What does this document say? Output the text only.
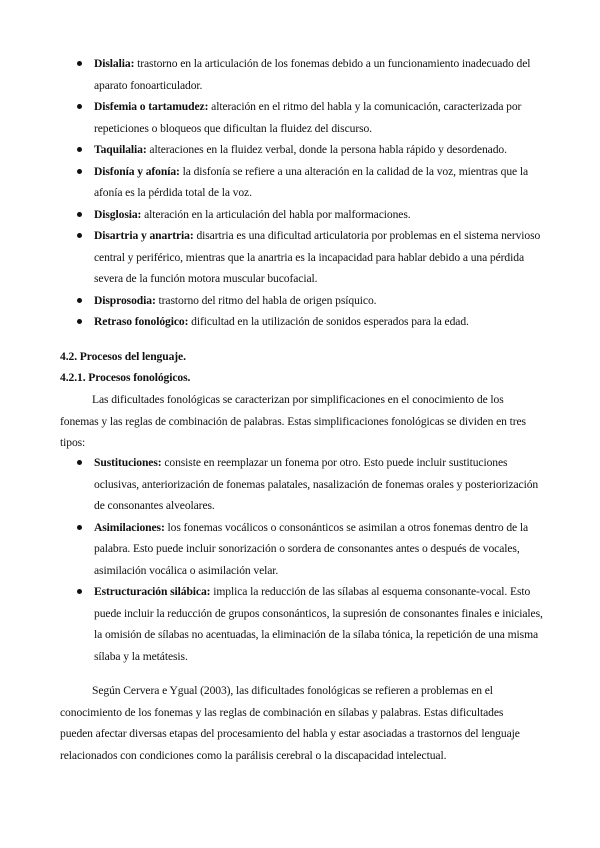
Dislalia: trastorno en la articulación de los fonemas debido a un funcionamiento inadecuado del aparato fonoarticulador.
Disfemia o tartamudez: alteración en el ritmo del habla y la comunicación, caracterizada por repeticiones o bloqueos que dificultan la fluidez del discurso.
Taquilalia: alteraciones en la fluidez verbal, donde la persona habla rápido y desordenado.
Disfonía y afonía: la disfonía se refiere a una alteración en la calidad de la voz, mientras que la afonía es la pérdida total de la voz.
Disglosia: alteración en la articulación del habla por malformaciones.
Disartria y anartria: disartria es una dificultad articulatoria por problemas en el sistema nervioso central y periférico, mientras que la anartria es la incapacidad para hablar debido a una pérdida severa de la función motora muscular bucofacial.
Disprosodia: trastorno del ritmo del habla de origen psíquico.
Retraso fonológico: dificultad en la utilización de sonidos esperados para la edad.
4.2. Procesos del lenguaje.
4.2.1. Procesos fonológicos.

Las dificultades fonológicas se caracterizan por simplificaciones en el conocimiento de los fonemas y las reglas de combinación de palabras. Estas simplificaciones fonológicas se dividen en tres tipos:

Sustituciones: consiste en reemplazar un fonema por otro. Esto puede incluir sustituciones oclusivas, anteriorización de fonemas palatales, nasalización de fonemas orales y posteriorización de consonantes alveolares.
Asimilaciones: los fonemas vocálicos o consonánticos se asimilan a otros fonemas dentro de la palabra. Esto puede incluir sonorización o sordera de consonantes antes o después de vocales, asimilación vocálica o asimilación velar.
Estructuración silábica: implica la reducción de las sílabas al esquema consonante-vocal. Esto puede incluir la reducción de grupos consonánticos, la supresión de consonantes finales e iniciales, la omisión de sílabas no acentuadas, la eliminación de la sílaba tónica, la repetición de una misma sílaba y la metátesis.

Según Cervera e Ygual (2003), las dificultades fonológicas se refieren a problemas en el conocimiento de los fonemas y las reglas de combinación en sílabas y palabras. Estas dificultades pueden afectar diversas etapas del procesamiento del habla y estar asociadas a trastornos del lenguaje relacionados con condiciones como la parálisis cerebral o la discapacidad intelectual.
